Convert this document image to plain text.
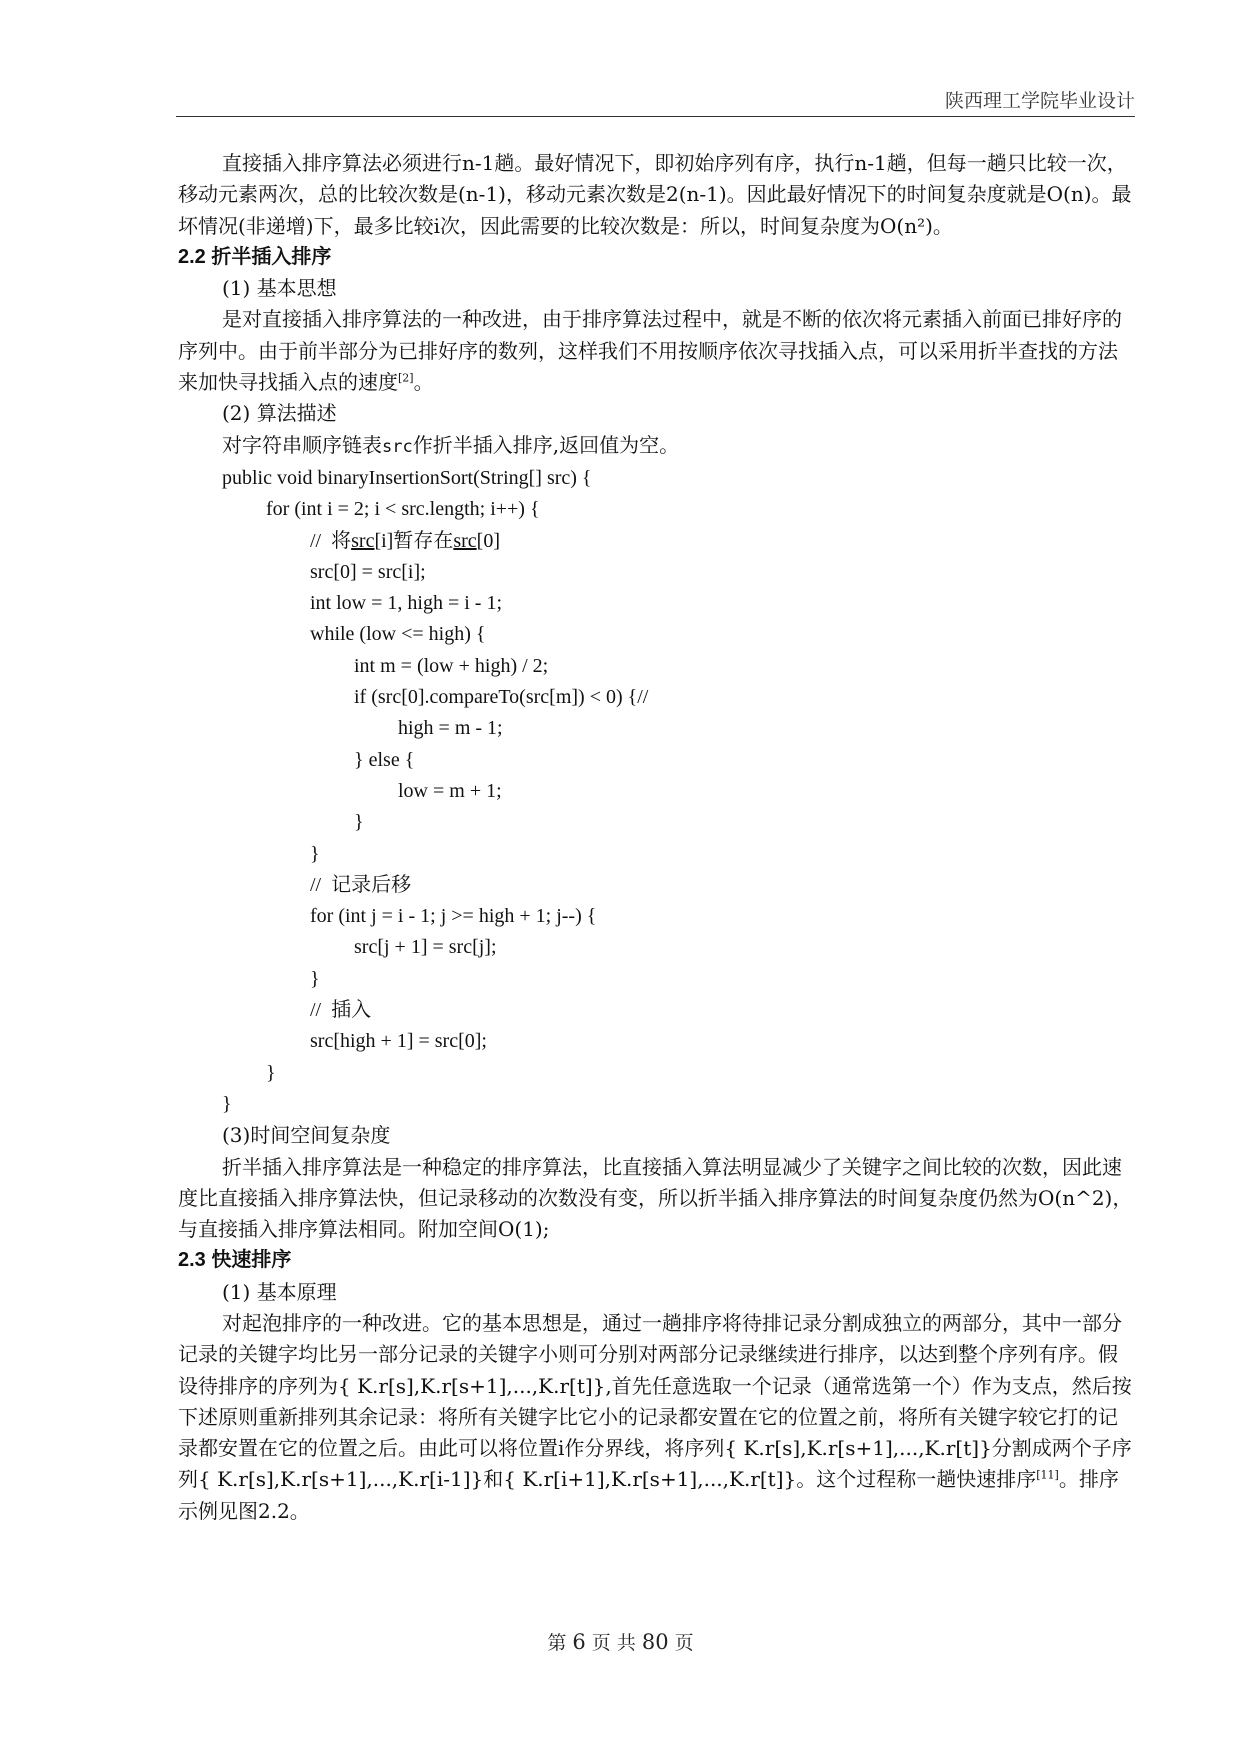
陕西理工学院毕业设计

直接插入排序算法必须进行n-1趟。最好情况下，即初始序列有序，执行n-1趟，但每一趟只比较一次，移动元素两次，总的比较次数是(n-1)，移动元素次数是2(n-1)。因此最好情况下的时间复杂度就是O(n)。最坏情况(非递增)下，最多比较i次，因此需要的比较次数是：所以，时间复杂度为O(n²)。

2.2 折半插入排序

(1) 基本思想

是对直接插入排序算法的一种改进，由于排序算法过程中，就是不断的依次将元素插入前面已排好序的序列中。由于前半部分为已排好序的数列，这样我们不用按顺序依次寻找插入点，可以采用折半查找的方法来加快寻找插入点的速度[2]。

(2) 算法描述

对字符串顺序链表src作折半插入排序,返回值为空。

public void binaryInsertionSort(String[] src) {

for (int i = 2; i < src.length; i++) {

//  将src[i]暂存在src[0]

src[0] = src[i];

int low = 1, high = i - 1;

while (low <= high) {

int m = (low + high) / 2;

if (src[0].compareTo(src[m]) < 0) {//

high = m - 1;

} else {

low = m + 1;

}

}

//  记录后移

for (int j = i - 1; j >= high + 1; j--) {

src[j + 1] = src[j];

}

//  插入

src[high + 1] = src[0];

}

}

(3)时间空间复杂度

折半插入排序算法是一种稳定的排序算法，比直接插入算法明显减少了关键字之间比较的次数，因此速度比直接插入排序算法快，但记录移动的次数没有变，所以折半插入排序算法的时间复杂度仍然为O(n^2)，与直接插入排序算法相同。附加空间O(1);

2.3 快速排序

(1) 基本原理

对起泡排序的一种改进。它的基本思想是，通过一趟排序将待排记录分割成独立的两部分，其中一部分记录的关键字均比另一部分记录的关键字小则可分别对两部分记录继续进行排序，以达到整个序列有序。假设待排序的序列为{ K.r[s],K.r[s+1],...,K.r[t]},首先任意选取一个记录（通常选第一个）作为支点，然后按下述原则重新排列其余记录：将所有关键字比它小的记录都安置在它的位置之前，将所有关键字较它打的记录都安置在它的位置之后。由此可以将位置i作分界线，将序列{ K.r[s],K.r[s+1],...,K.r[t]}分割成两个子序列{ K.r[s],K.r[s+1],...,K.r[i-1]}和{ K.r[i+1],K.r[s+1],...,K.r[t]}。这个过程称一趟快速排序[11]。排序示例见图2.2。

第 6 页 共 80 页
